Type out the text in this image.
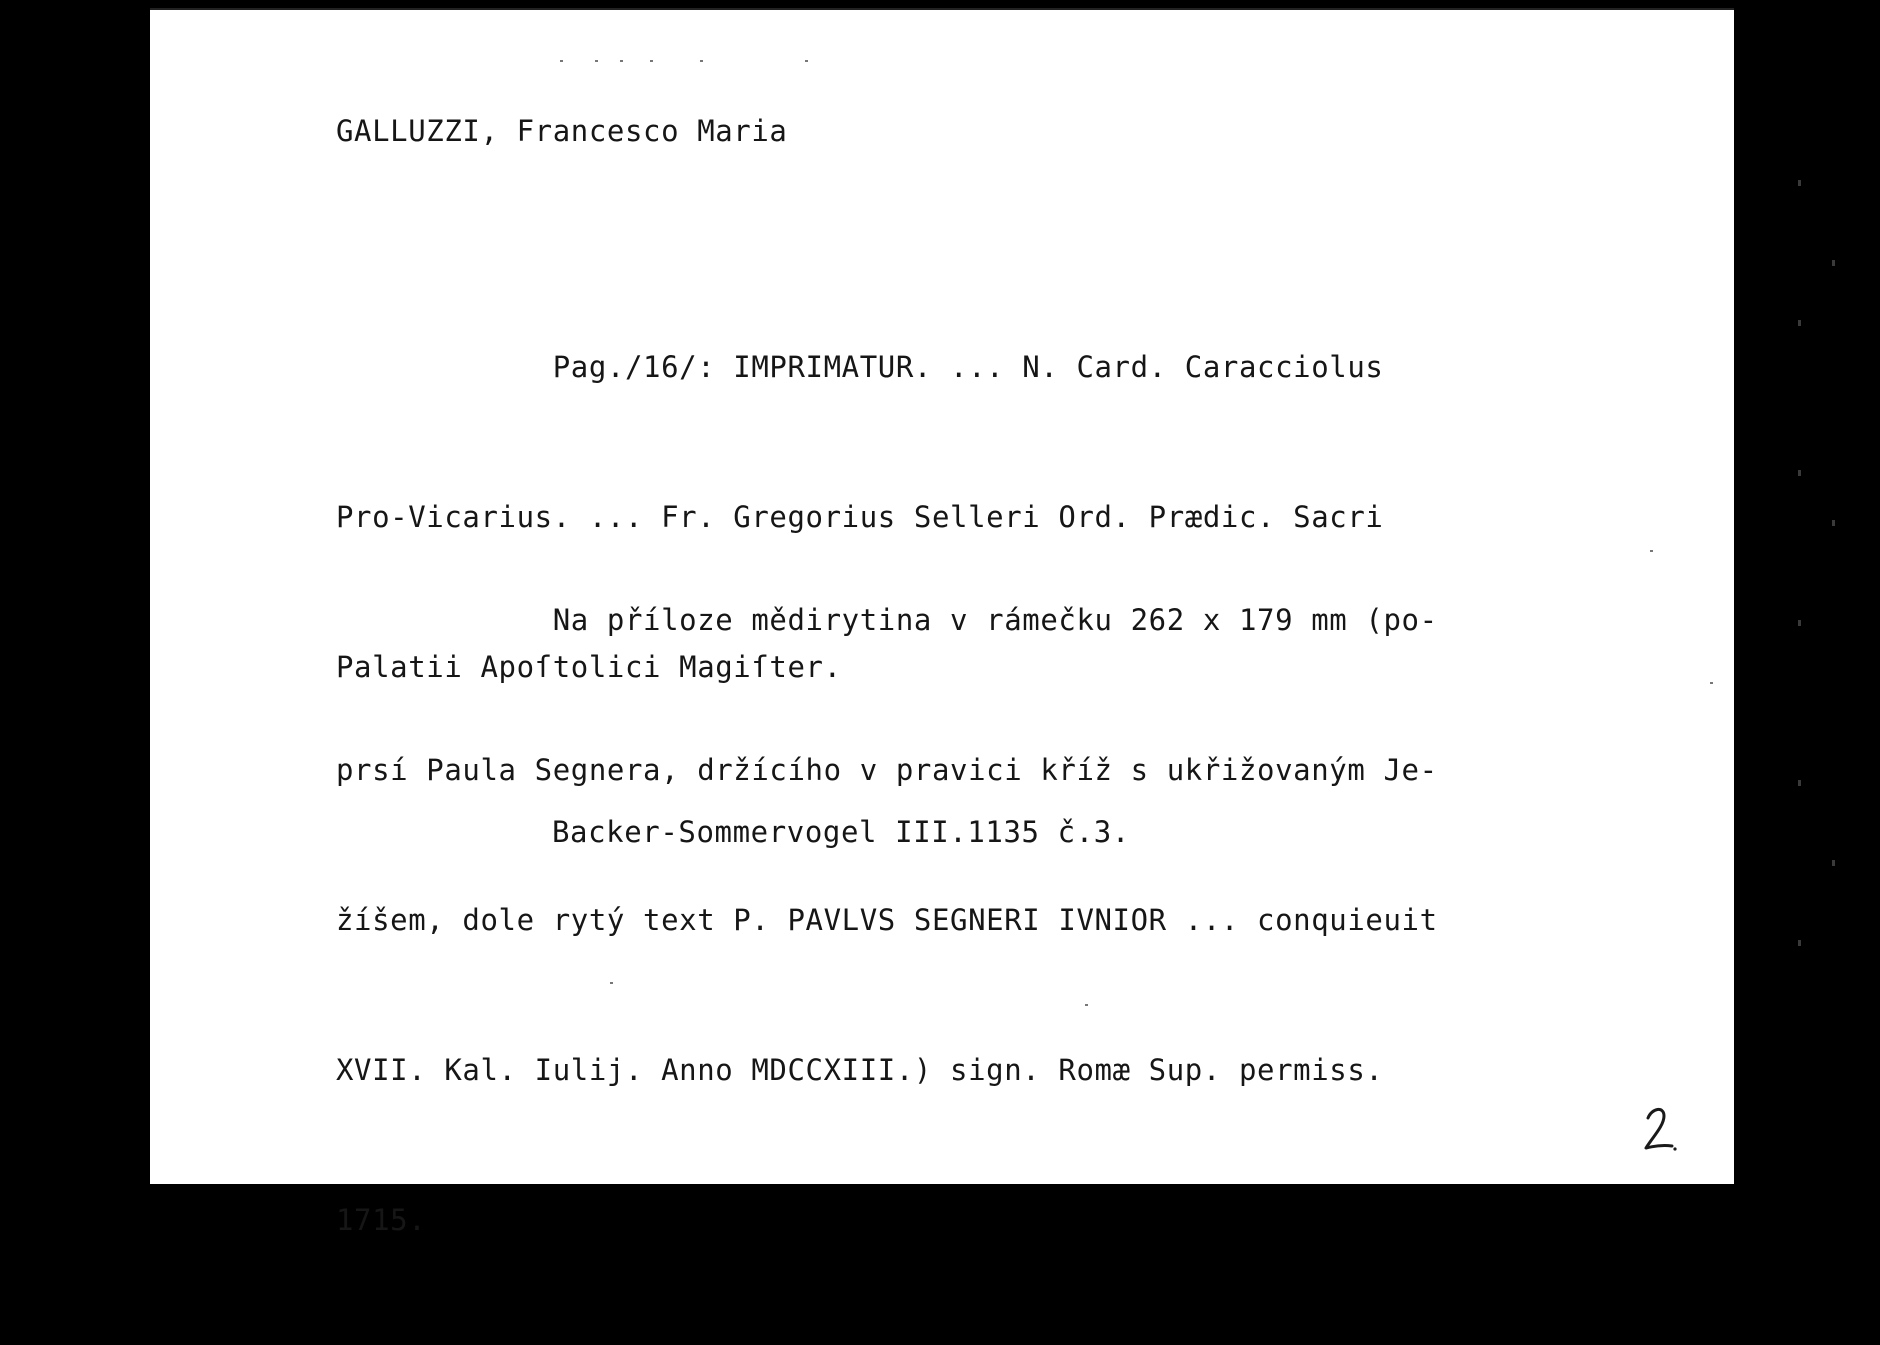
GALLUZZI, Francesco Maria

Pag./16/: IMPRIMATUR. ... N. Card. Caracciolus

Pro-Vicarius. ... Fr. Gregorius Selleri Ord. Prædic. Sacri

Palatii Apoſtolici Magiſter.

Na příloze mědirytina v rámečku 262 x 179 mm (po-

prsí Paula Segnera, držícího v pravici kříž s ukřižovaným Je-

žíšem, dole rytý text P. PAVLVS SEGNERI IVNIOR ... conquieuit

XVII. Kal. Iulij. Anno MDCCXIII.) sign. Romæ Sup. permiss.

1715.

Backer-Sommervogel III.1135 č.3.
